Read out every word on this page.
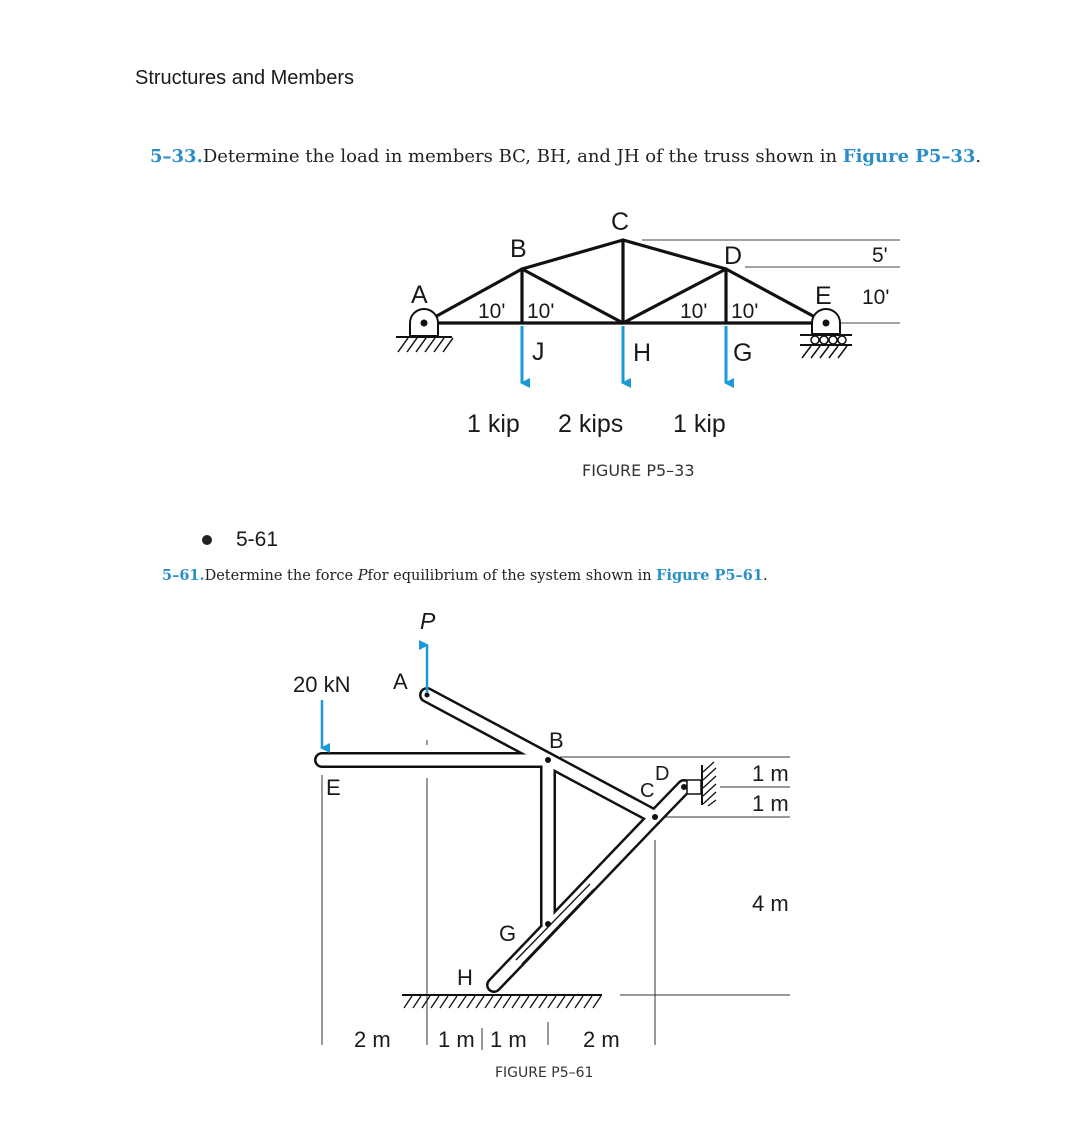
Structures and Members
5–33.Determine the load in members BC, BH, and JH of the truss shown in Figure P5–33.
5-61
5–61.Determine the force Pfor equilibrium of the system shown in Figure P5–61.
A
B
C
D
E
J	H	G
10' 10'	10' 10'
5'
10'
1 kip 2 kips 1 kip
FIGURE P5–33
P
20 kN A
B
C
D
E
G
H
1 m
1 m
4 m
2 m 1 m 1 m	2 m
FIGURE P5–61
